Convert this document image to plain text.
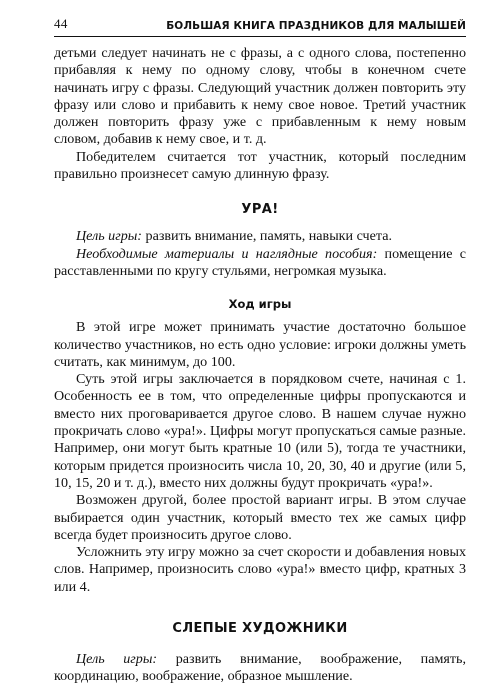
44	БОЛЬШАЯ КНИГА ПРАЗДНИКОВ ДЛЯ МАЛЫШЕЙ

детьми следует начинать не с фразы, а с одного слова, постепенно прибавляя к нему по одному слову, чтобы в конечном счете начинать игру с фразы. Следующий участник должен повторить эту фразу или слово и прибавить к нему свое новое. Третий участник должен повторить фразу уже с прибавленным к нему новым словом, добавив к нему свое, и т. д.

Победителем считается тот участник, который последним правильно произнесет самую длинную фразу.

УРА!

Цель игры: развить внимание, память, навыки счета.

Необходимые материалы и наглядные пособия: помещение с расставленными по кругу стульями, негромкая музыка.

Ход игры

В этой игре может принимать участие достаточно большое количество участников, но есть одно условие: игроки должны уметь считать, как минимум, до 100.

Суть этой игры заключается в порядковом счете, начиная с 1. Особенность ее в том, что определенные цифры пропускаются и вместо них проговаривается другое слово. В нашем случае нужно прокричать слово «ура!». Цифры могут пропускаться самые разные. Например, они могут быть кратные 10 (или 5), тогда те участники, которым придется произносить числа 10, 20, 30, 40 и другие (или 5, 10, 15, 20 и т. д.), вместо них должны будут прокричать «ура!».

Возможен другой, более простой вариант игры. В этом случае выбирается один участник, который вместо тех же самых цифр всегда будет произносить другое слово.

Усложнить эту игру можно за счет скорости и добавления новых слов. Например, произносить слово «ура!» вместо цифр, кратных 3 или 4.

СЛЕПЫЕ ХУДОЖНИКИ

Цель игры: развить внимание, воображение, память, координацию, воображение, образное мышление.
